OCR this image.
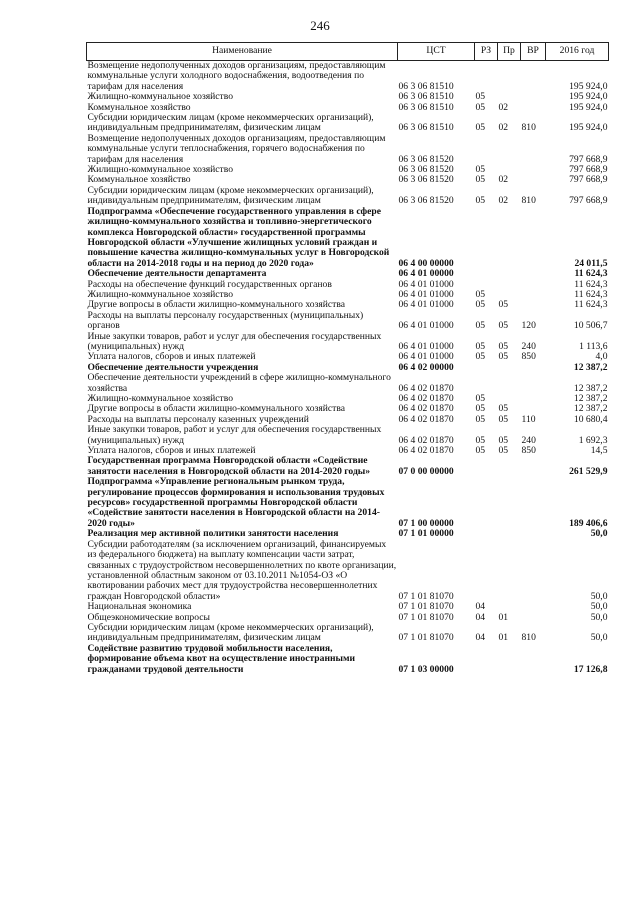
246
Наименование	ЦСТ	РЗ	Пр	ВР	2016 год
Возмещение недополученных доходов организациям, предоставляющим коммунальные услуги холодного водоснабжения, водоотведения по тарифам для населения	06 3 06 81510				195 924,0
Жилищно-коммунальное хозяйство	06 3 06 81510	05			195 924,0
Коммунальное хозяйство	06 3 06 81510	05	02		195 924,0
Субсидии юридическим лицам (кроме некоммерческих организаций), индивидуальным предпринимателям, физическим лицам	06 3 06 81510	05	02	810	195 924,0
Возмещение недополученных доходов организациям, предоставляющим коммунальные услуги теплоснабжения, горячего водоснабжения по тарифам для населения	06 3 06 81520				797 668,9
Жилищно-коммунальное хозяйство	06 3 06 81520	05			797 668,9
Коммунальное хозяйство	06 3 06 81520	05	02		797 668,9
Субсидии юридическим лицам (кроме некоммерческих организаций), индивидуальным предпринимателям, физическим лицам	06 3 06 81520	05	02	810	797 668,9
Подпрограмма «Обеспечение государственного управления в сфере жилищно-коммунального хозяйства и топливно-энергетического комплекса Новгородской области» государственной программы Новгородской области «Улучшение жилищных условий граждан и повышение качества жилищно-коммунальных услуг в Новгородской области на 2014-2018 годы и на период до 2020 года»	06 4 00 00000				24 011,5
Обеспечение деятельности департамента	06 4 01 00000				11 624,3
Расходы на обеспечение функций государственных органов	06 4 01 01000				11 624,3
Жилищно-коммунальное хозяйство	06 4 01 01000	05			11 624,3
Другие вопросы в области жилищно-коммунального хозяйства	06 4 01 01000	05	05		11 624,3
Расходы на выплаты персоналу государственных (муниципальных) органов	06 4 01 01000	05	05	120	10 506,7
Иные закупки товаров, работ и услуг для обеспечения государственных (муниципальных) нужд	06 4 01 01000	05	05	240	1 113,6
Уплата налогов, сборов и иных платежей	06 4 01 01000	05	05	850	4,0
Обеспечение деятельности учреждения	06 4 02 00000				12 387,2
Обеспечение деятельности учреждений в сфере жилищно-коммунального хозяйства	06 4 02 01870				12 387,2
Жилищно-коммунальное хозяйство	06 4 02 01870	05			12 387,2
Другие вопросы в области жилищно-коммунального хозяйства	06 4 02 01870	05	05		12 387,2
Расходы на выплаты персоналу казенных учреждений	06 4 02 01870	05	05	110	10 680,4
Иные закупки товаров, работ и услуг для обеспечения государственных (муниципальных) нужд	06 4 02 01870	05	05	240	1 692,3
Уплата налогов, сборов и иных платежей	06 4 02 01870	05	05	850	14,5
Государственная программа Новгородской области «Содействие занятости населения в Новгородской области на 2014-2020 годы»	07 0 00 00000				261 529,9
Подпрограмма «Управление региональным рынком труда, регулирование процессов формирования и использования трудовых ресурсов» государственной программы Новгородской области «Содействие занятости населения в Новгородской области на 2014-2020 годы»	07 1 00 00000				189 406,6
Реализация мер активной политики занятости населения	07 1 01 00000				50,0
Субсидии работодателям (за исключением организаций, финансируемых из федерального бюджета) на выплату компенсации части затрат, связанных с трудоустройством несовершеннолетних по квоте организации, установленной областным законом от 03.10.2011 №1054-ОЗ «О квотировании рабочих мест для трудоустройства несовершеннолетних граждан Новгородской области»	07 1 01 81070				50,0
Национальная экономика	07 1 01 81070	04			50,0
Общеэкономические вопросы	07 1 01 81070	04	01		50,0
Субсидии юридическим лицам (кроме некоммерческих организаций), индивидуальным предпринимателям, физическим лицам	07 1 01 81070	04	01	810	50,0
Содействие развитию трудовой мобильности населения, формирование объема квот на осуществление иностранными гражданами трудовой деятельности	07 1 03 00000				17 126,8
